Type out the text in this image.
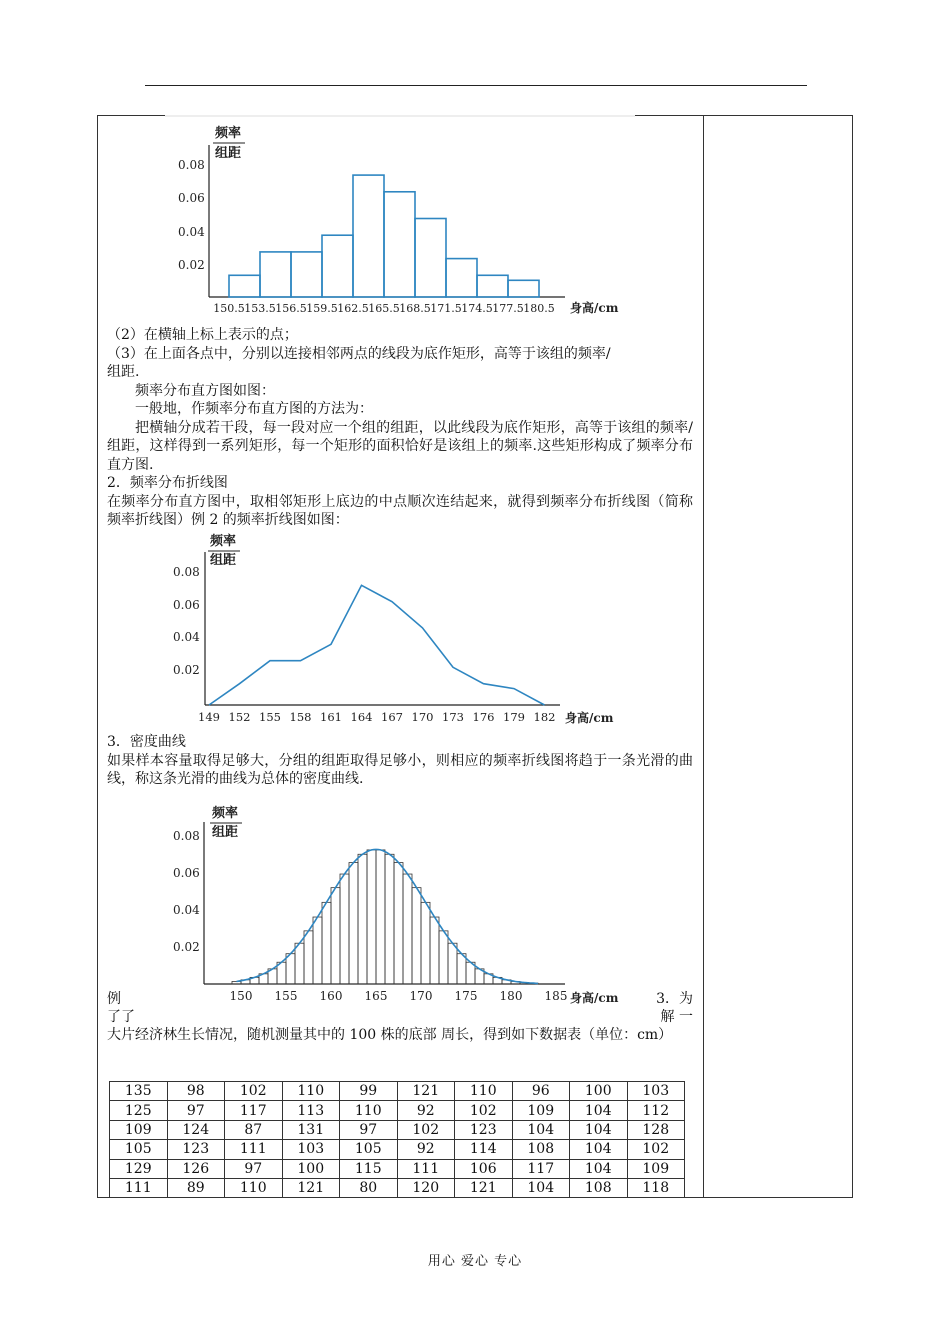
频率
组距
0.08
0.06
0.04
0.02
150.5 153.5 156.5 159.5 162.5 165.5 168.5 171.5 174.5 177.5 180.5 身高/cm

（2）在横轴上标上表示的点；

（3）在上面各点中，分别以连接相邻两点的线段为底作矩形，高等于该组的频率/

组距.

频率分布直方图如图：

一般地，作频率分布直方图的方法为：

把横轴分成若干段，每一段对应一个组的组距，以此线段为底作矩形，高等于该组的频率/组距，这样得到一系列矩形，每一个矩形的面积恰好是该组上的频率.这些矩形构成了频率分布直方图.

2．频率分布折线图

在频率分布直方图中，取相邻矩形上底边的中点顺次连结起来，就得到频率分布折线图（简称频率折线图）例 2 的频率折线图如图：

频率
组距
0.08
0.06
0.04
0.02
149 152 155 158 161 164 167 170 173 176 179 182 身高/cm

3．密度曲线

如果样本容量取得足够大，分组的组距取得足够小，则相应的频率折线图将趋于一条光滑的曲线，称这条光滑的曲线为总体的密度曲线.

频率
组距
0.08
0.06
0.04
0.02
150 155 160 165 170 175 180 185 身高/cm
例	3．为
了了	解 一
大片经济林生长情况，随机测量其中的 100 株的底部 周长，得到如下数据表（单位：cm）
135	98	102	110	99	121	110	96	100	103
125	97	117	113	110	92	102	109	104	112
109	124	87	131	97	102	123	104	104	128
105	123	111	103	105	92	114	108	104	102
129	126	97	100	115	111	106	117	104	109
111	89	110	121	80	120	121	104	108	118
用心 爱心 专心
